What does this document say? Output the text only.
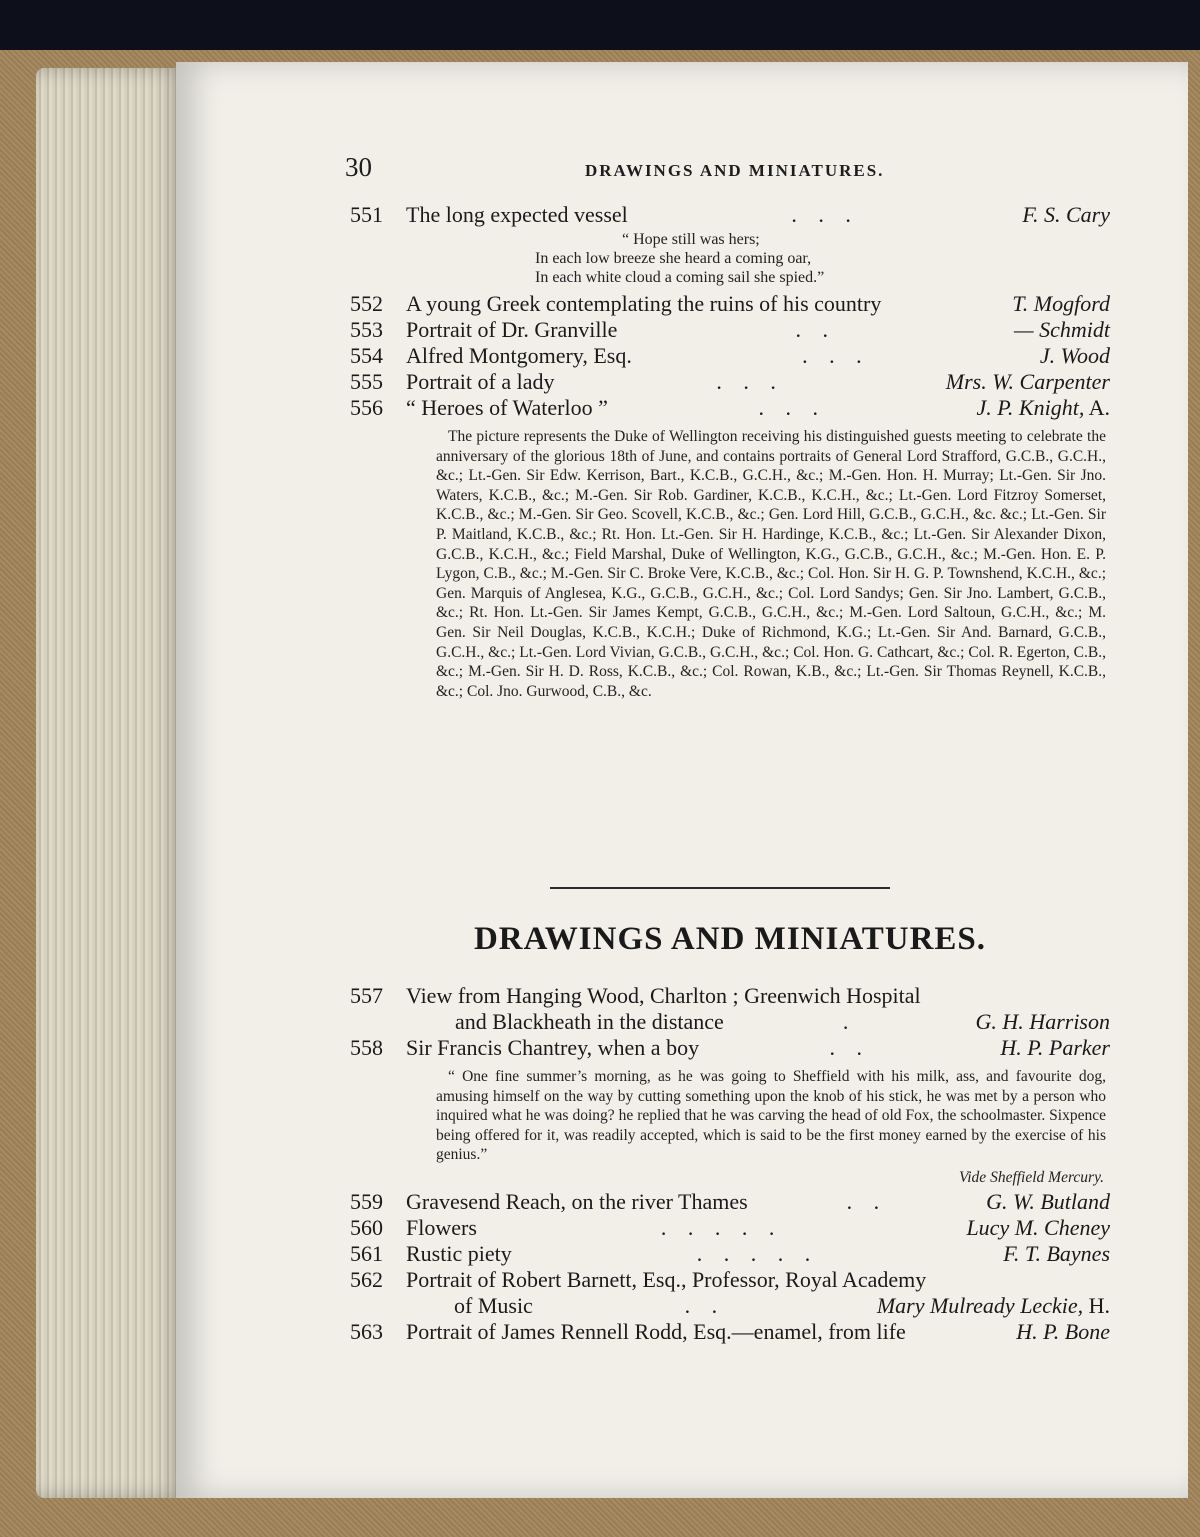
30	DRAWINGS AND MINIATURES.
551	The long expected vessel	. . .	F. S. Cary
“ Hope still was hers;
In each low breeze she heard a coming oar,
In each white cloud a coming sail she spied.”
552	A young Greek contemplating the ruins of his country	T. Mogford
553	Portrait of Dr. Granville	. .	— Schmidt
554	Alfred Montgomery, Esq.	. . .	J. Wood
555	Portrait of a lady	. . .	Mrs. W. Carpenter
556	“ Heroes of Waterloo ”	. . .	J. P. Knight, A.
The picture represents the Duke of Wellington receiving his distinguished guests meeting to celebrate the anniversary of the glorious 18th of June, and contains portraits of General Lord Strafford, G.C.B., G.C.H., &c.; Lt.-Gen. Sir Edw. Kerrison, Bart., K.C.B., G.C.H., &c.; M.-Gen. Hon. H. Murray; Lt.-Gen. Sir Jno. Waters, K.C.B., &c.; M.-Gen. Sir Rob. Gardiner, K.C.B., K.C.H., &c.; Lt.-Gen. Lord Fitzroy Somerset, K.C.B., &c.; M.-Gen. Sir Geo. Scovell, K.C.B., &c.; Gen. Lord Hill, G.C.B., G.C.H., &c. &c.; Lt.-Gen. Sir P. Maitland, K.C.B., &c.; Rt. Hon. Lt.-Gen. Sir H. Hardinge, K.C.B., &c.; Lt.-Gen. Sir Alexander Dixon, G.C.B., K.C.H., &c.; Field Marshal, Duke of Wellington, K.G., G.C.B., G.C.H., &c.; M.-Gen. Hon. E. P. Lygon, C.B., &c.; M.-Gen. Sir C. Broke Vere, K.C.B., &c.; Col. Hon. Sir H. G. P. Townshend, K.C.H., &c.; Gen. Marquis of Anglesea, K.G., G.C.B., G.C.H., &c.; Col. Lord Sandys; Gen. Sir Jno. Lambert, G.C.B., &c.; Rt. Hon. Lt.-Gen. Sir James Kempt, G.C.B., G.C.H., &c.; M.-Gen. Lord Saltoun, G.C.H., &c.; M. Gen. Sir Neil Douglas, K.C.B., K.C.H.; Duke of Richmond, K.G.; Lt.-Gen. Sir And. Barnard, G.C.B., G.C.H., &c.; Lt.-Gen. Lord Vivian, G.C.B., G.C.H., &c.; Col. Hon. G. Cathcart, &c.; Col. R. Egerton, C.B., &c.; M.-Gen. Sir H. D. Ross, K.C.B., &c.; Col. Rowan, K.B., &c.; Lt.-Gen. Sir Thomas Reynell, K.C.B., &c.; Col. Jno. Gurwood, C.B., &c.
DRAWINGS AND MINIATURES.
557	View from Hanging Wood, Charlton ; Greenwich Hospital
and Blackheath in the distance	.	G. H. Harrison
558	Sir Francis Chantrey, when a boy	. .	H. P. Parker
“ One fine summer’s morning, as he was going to Sheffield with his milk, ass, and favourite dog, amusing himself on the way by cutting something upon the knob of his stick, he was met by a person who inquired what he was doing? he replied that he was carving the head of old Fox, the schoolmaster. Sixpence being offered for it, was readily accepted, which is said to be the first money earned by the exercise of his genius.”
Vide Sheffield Mercury.
559	Gravesend Reach, on the river Thames	. .	G. W. Butland
560	Flowers	. . . . .	Lucy M. Cheney
561	Rustic piety	. . . . .	F. T. Baynes
562	Portrait of Robert Barnett, Esq., Professor, Royal Academy
of Music	. .	Mary Mulready Leckie, H.
563	Portrait of James Rennell Rodd, Esq.—enamel, from life	H. P. Bone
